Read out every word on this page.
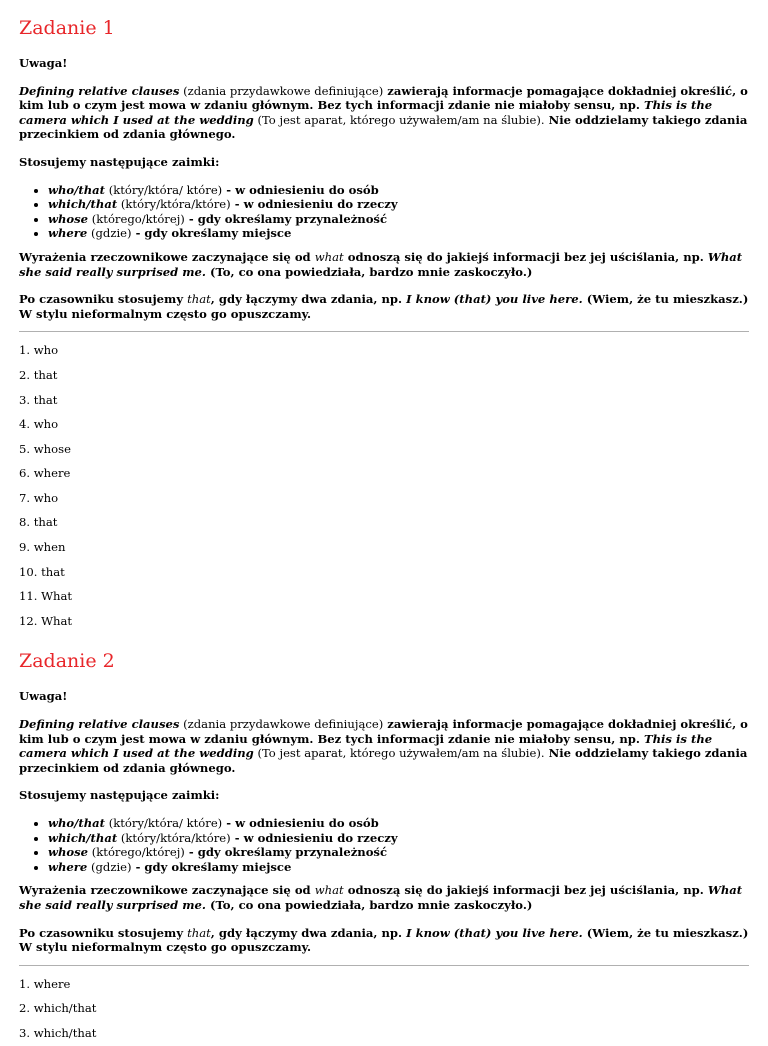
Zadanie 1

Uwaga!

Defining relative clauses (zdania przydawkowe definiujące) zawierają informacje pomagające dokładniej określić, o kim lub o czym jest mowa w zdaniu głównym. Bez tych informacji zdanie nie miałoby sensu, np. This is the camera which I used at the wedding (To jest aparat, którego używałem/am na ślubie). Nie oddzielamy takiego zdania przecinkiem od zdania głównego.

Stosujemy następujące zaimki:

• who/that (który/która/ które) - w odniesieniu do osób
• which/that (który/która/które) - w odniesieniu do rzeczy
• whose (którego/której) - gdy określamy przynależność
• where (gdzie) - gdy określamy miejsce

Wyrażenia rzeczownikowe zaczynające się od what odnoszą się do jakiejś informacji bez jej uściślania, np. What she said really surprised me. (To, co ona powiedziała, bardzo mnie zaskoczyło.)

Po czasowniku stosujemy that, gdy łączymy dwa zdania, np. I know (that) you live here. (Wiem, że tu mieszkasz.) W stylu nieformalnym często go opuszczamy.

1. who
2. that
3. that
4. who
5. whose
6. where
7. who
8. that
9. when
10. that
11. What
12. What
Zadanie 2

Uwaga!

Defining relative clauses (zdania przydawkowe definiujące) zawierają informacje pomagające dokładniej określić, o kim lub o czym jest mowa w zdaniu głównym. Bez tych informacji zdanie nie miałoby sensu, np. This is the camera which I used at the wedding (To jest aparat, którego używałem/am na ślubie). Nie oddzielamy takiego zdania przecinkiem od zdania głównego.

Stosujemy następujące zaimki:

• who/that (który/która/ które) - w odniesieniu do osób
• which/that (który/która/które) - w odniesieniu do rzeczy
• whose (którego/której) - gdy określamy przynależność
• where (gdzie) - gdy określamy miejsce

Wyrażenia rzeczownikowe zaczynające się od what odnoszą się do jakiejś informacji bez jej uściślania, np. What she said really surprised me. (To, co ona powiedziała, bardzo mnie zaskoczyło.)

Po czasowniku stosujemy that, gdy łączymy dwa zdania, np. I know (that) you live here. (Wiem, że tu mieszkasz.) W stylu nieformalnym często go opuszczamy.

1. where
2. which/that
3. which/that
